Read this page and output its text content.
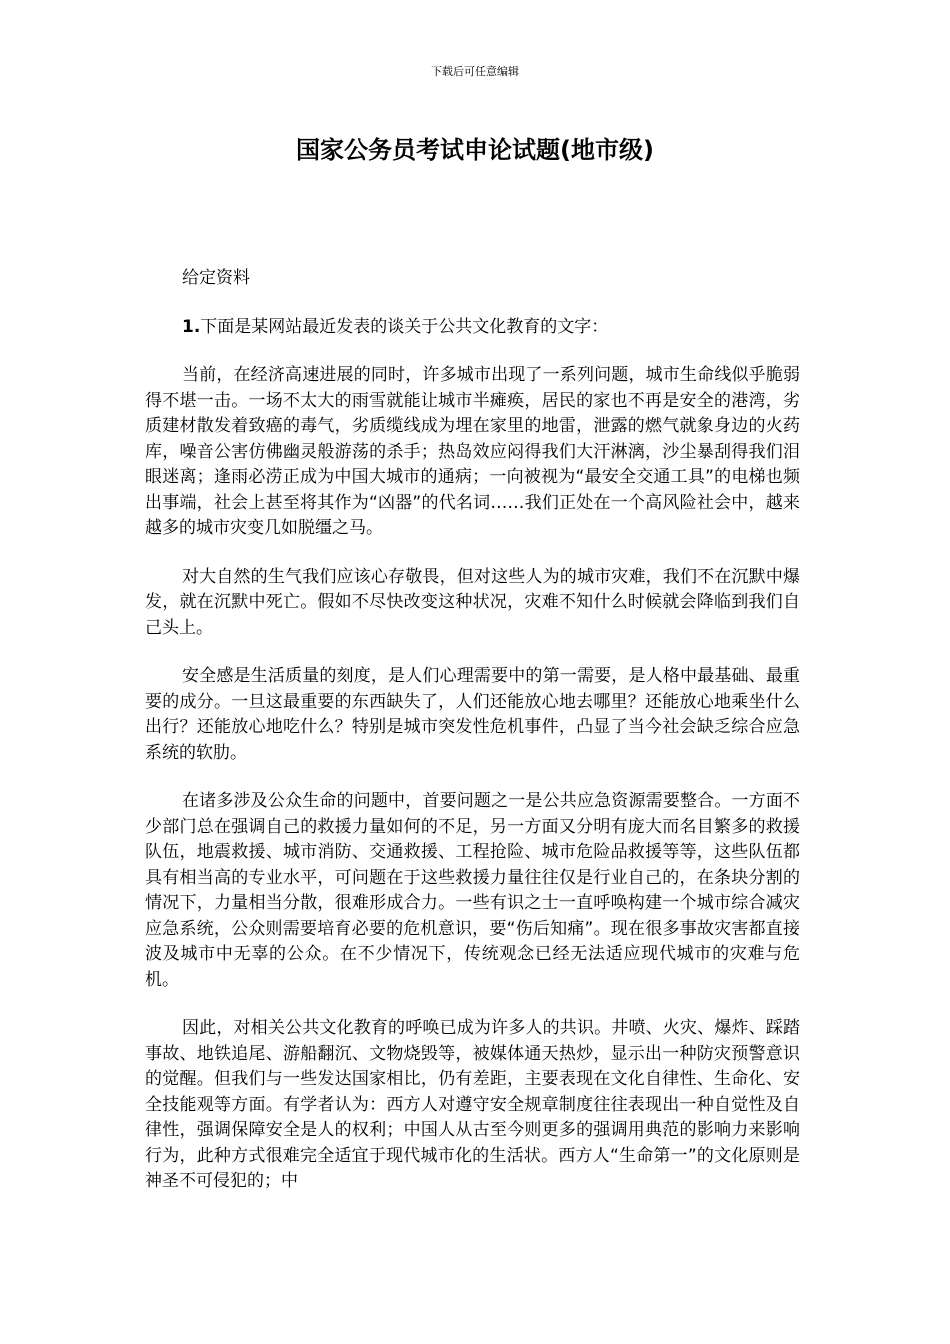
下载后可任意编辑
国家公务员考试申论试题(地市级)

给定资料

1.下面是某网站最近发表的谈关于公共文化教育的文字：

当前，在经济高速进展的同时，许多城市出现了一系列问题，城市生命线似乎脆弱得不堪一击。一场不太大的雨雪就能让城市半瘫痪，居民的家也不再是安全的港湾，劣质建材散发着致癌的毒气，劣质缆线成为埋在家里的地雷，泄露的燃气就象身边的火药库，噪音公害仿佛幽灵般游荡的杀手；热岛效应闷得我们大汗淋漓，沙尘暴刮得我们泪眼迷离；逢雨必涝正成为中国大城市的通病；一向被视为“最安全交通工具”的电梯也频出事端，社会上甚至将其作为“凶器”的代名词……我们正处在一个高风险社会中，越来越多的城市灾变几如脱缰之马。

对大自然的生气我们应该心存敬畏，但对这些人为的城市灾难，我们不在沉默中爆发，就在沉默中死亡。假如不尽快改变这种状况，灾难不知什么时候就会降临到我们自己头上。

安全感是生活质量的刻度，是人们心理需要中的第一需要，是人格中最基础、最重要的成分。一旦这最重要的东西缺失了，人们还能放心地去哪里？还能放心地乘坐什么出行？还能放心地吃什么？特别是城市突发性危机事件，凸显了当今社会缺乏综合应急系统的软肋。

在诸多涉及公众生命的问题中，首要问题之一是公共应急资源需要整合。一方面不少部门总在强调自己的救援力量如何的不足，另一方面又分明有庞大而名目繁多的救援队伍，地震救援、城市消防、交通救援、工程抢险、城市危险品救援等等，这些队伍都具有相当高的专业水平，可问题在于这些救援力量往往仅是行业自己的，在条块分割的情况下，力量相当分散，很难形成合力。一些有识之士一直呼唤构建一个城市综合减灾应急系统，公众则需要培育必要的危机意识，要“伤后知痛”。现在很多事故灾害都直接波及城市中无辜的公众。在不少情况下，传统观念已经无法适应现代城市的灾难与危机。

因此，对相关公共文化教育的呼唤已成为许多人的共识。井喷、火灾、爆炸、踩踏事故、地铁追尾、游船翻沉、文物烧毁等，被媒体通天热炒，显示出一种防灾预警意识的觉醒。但我们与一些发达国家相比，仍有差距，主要表现在文化自律性、生命化、安全技能观等方面。有学者认为：西方人对遵守安全规章制度往往表现出一种自觉性及自律性，强调保障安全是人的权利；中国人从古至今则更多的强调用典范的影响力来影响行为，此种方式很难完全适宜于现代城市化的生活状。西方人“生命第一”的文化原则是神圣不可侵犯的；中
